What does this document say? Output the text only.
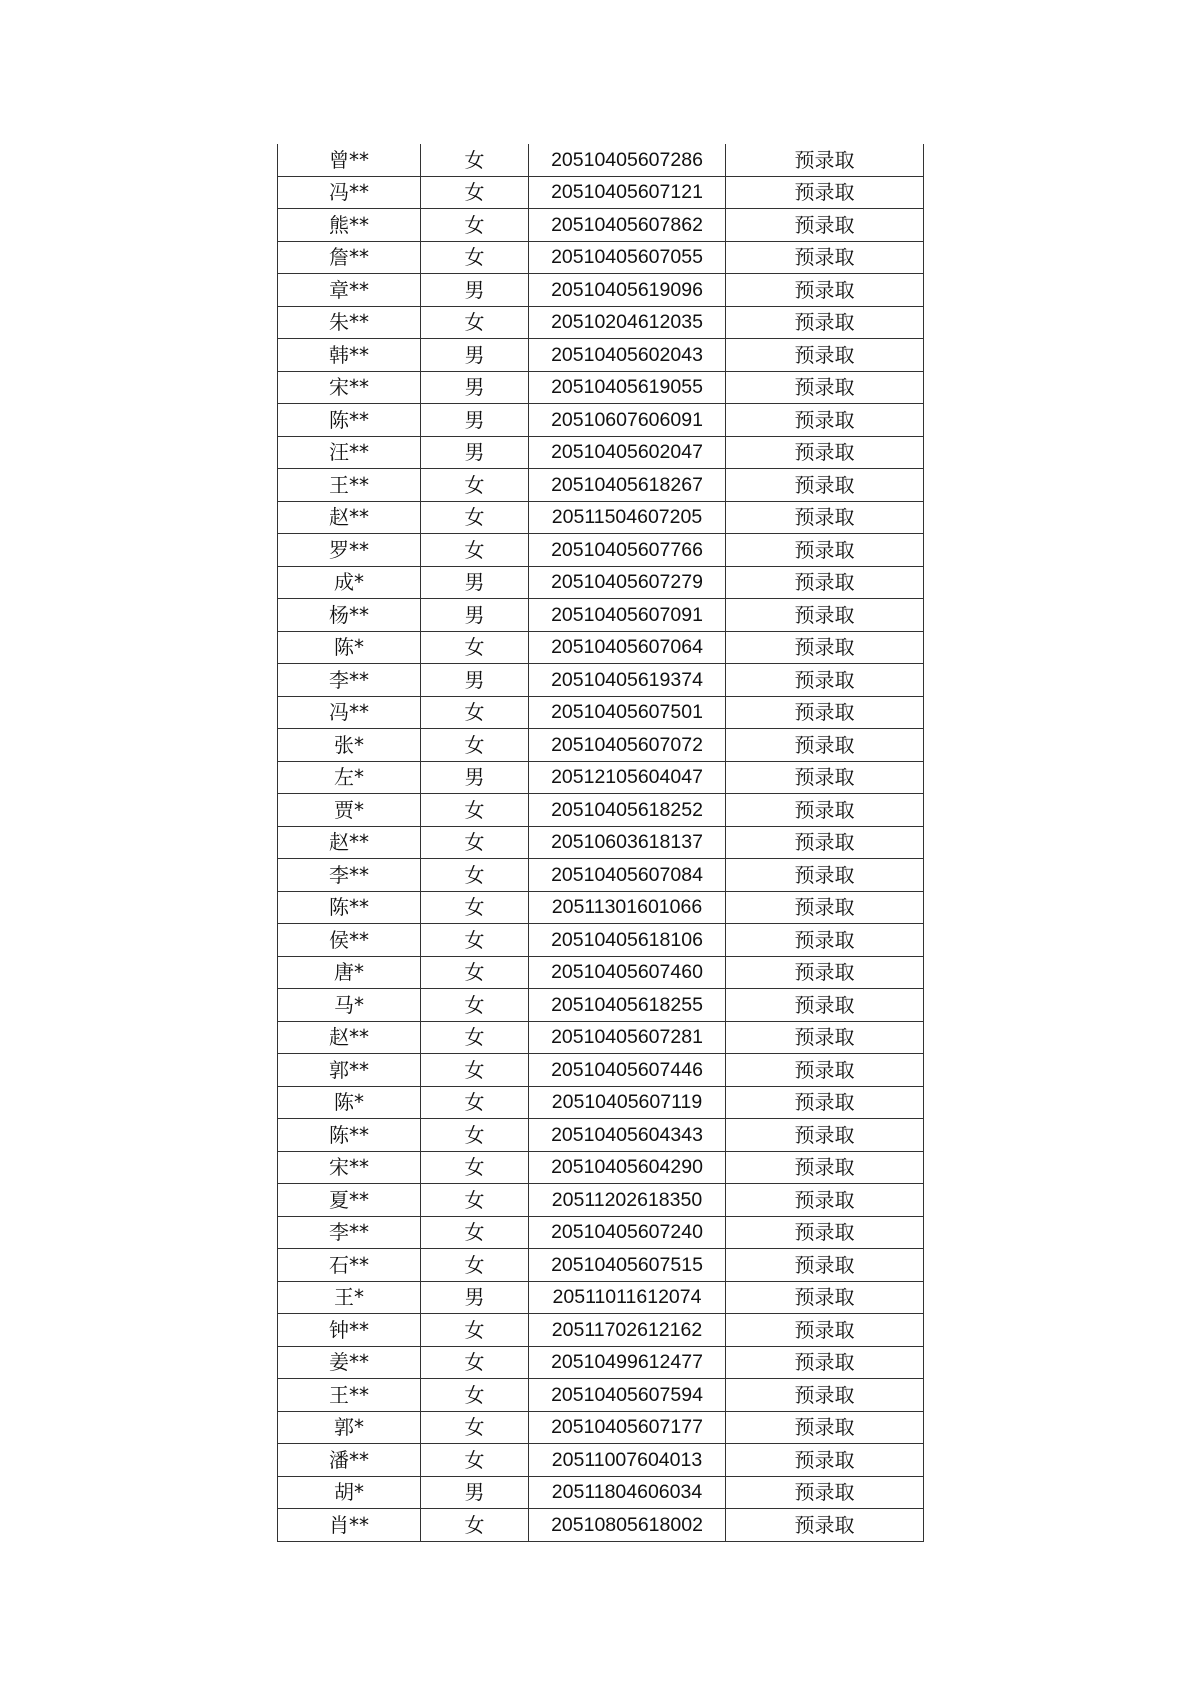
曾**	女	20510405607286	预录取
冯**	女	20510405607121	预录取
熊**	女	20510405607862	预录取
詹**	女	20510405607055	预录取
章**	男	20510405619096	预录取
朱**	女	20510204612035	预录取
韩**	男	20510405602043	预录取
宋**	男	20510405619055	预录取
陈**	男	20510607606091	预录取
汪**	男	20510405602047	预录取
王**	女	20510405618267	预录取
赵**	女	20511504607205	预录取
罗**	女	20510405607766	预录取
成*	男	20510405607279	预录取
杨**	男	20510405607091	预录取
陈*	女	20510405607064	预录取
李**	男	20510405619374	预录取
冯**	女	20510405607501	预录取
张*	女	20510405607072	预录取
左*	男	20512105604047	预录取
贾*	女	20510405618252	预录取
赵**	女	20510603618137	预录取
李**	女	20510405607084	预录取
陈**	女	20511301601066	预录取
侯**	女	20510405618106	预录取
唐*	女	20510405607460	预录取
马*	女	20510405618255	预录取
赵**	女	20510405607281	预录取
郭**	女	20510405607446	预录取
陈*	女	20510405607119	预录取
陈**	女	20510405604343	预录取
宋**	女	20510405604290	预录取
夏**	女	20511202618350	预录取
李**	女	20510405607240	预录取
石**	女	20510405607515	预录取
王*	男	20511011612074	预录取
钟**	女	20511702612162	预录取
姜**	女	20510499612477	预录取
王**	女	20510405607594	预录取
郭*	女	20510405607177	预录取
潘**	女	20511007604013	预录取
胡*	男	20511804606034	预录取
肖**	女	20510805618002	预录取
